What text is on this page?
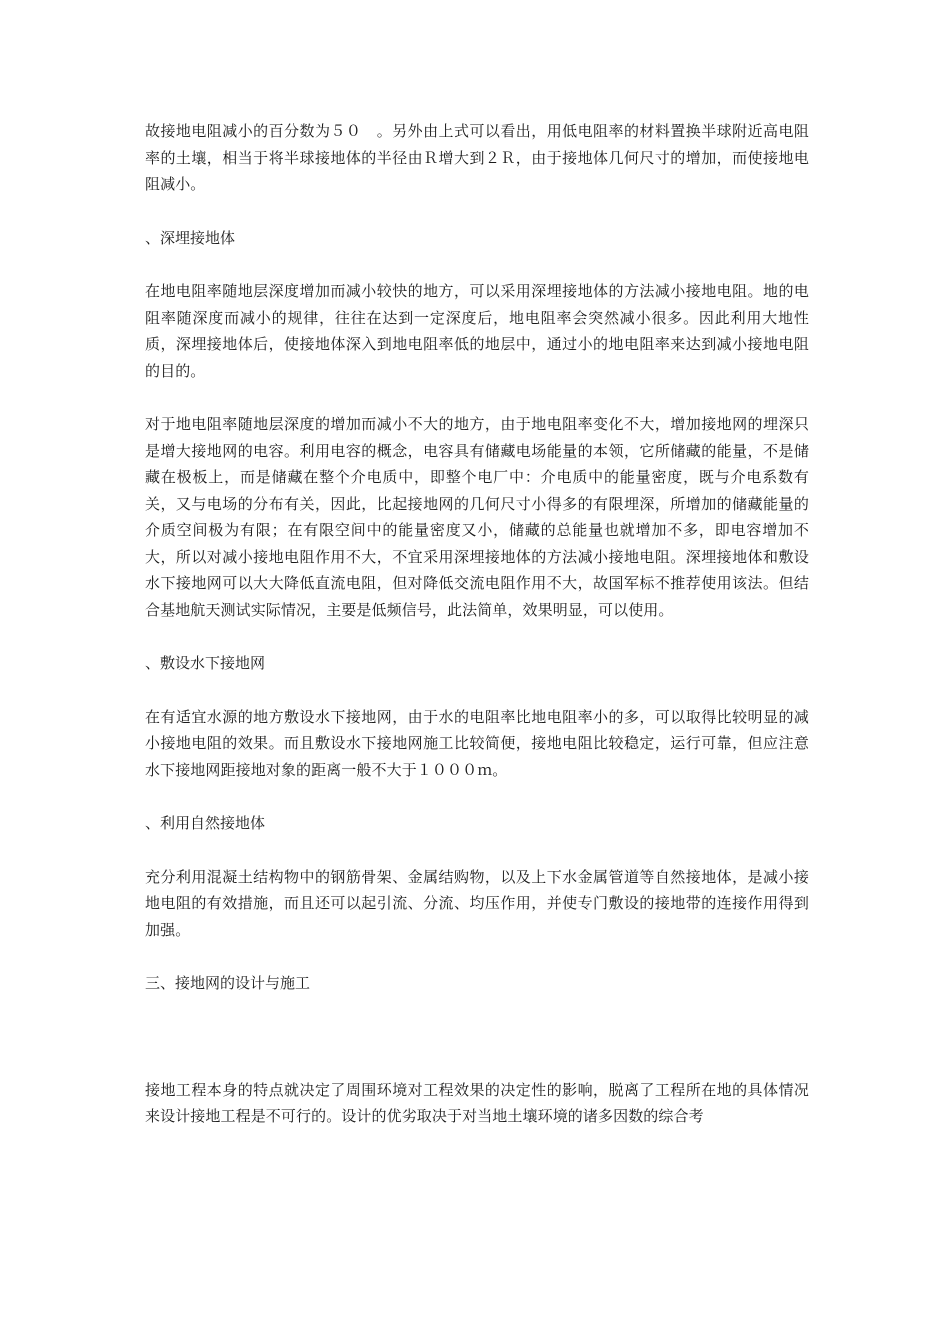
故接地电阻减小的百分数为５０　。另外由上式可以看出，用低电阻率的材料置换半球附近高电阻率的土壤，相当于将半球接地体的半径由Ｒ增大到２Ｒ，由于接地体几何尺寸的增加，而使接地电阻减小。

、深埋接地体

在地电阻率随地层深度增加而减小较快的地方，可以采用深埋接地体的方法减小接地电阻。地的电阻率随深度而减小的规律，往往在达到一定深度后，地电阻率会突然减小很多。因此利用大地性质，深埋接地体后，使接地体深入到地电阻率低的地层中，通过小的地电阻率来达到减小接地电阻的目的。

对于地电阻率随地层深度的增加而减小不大的地方，由于地电阻率变化不大，增加接地网的埋深只是增大接地网的电容。利用电容的概念，电容具有储藏电场能量的本领，它所储藏的能量，不是储藏在极板上，而是储藏在整个介电质中，即整个电厂中：介电质中的能量密度，既与介电系数有关，又与电场的分布有关，因此，比起接地网的几何尺寸小得多的有限埋深，所增加的储藏能量的介质空间极为有限；在有限空间中的能量密度又小，储藏的总能量也就增加不多，即电容增加不大，所以对减小接地电阻作用不大，不宜采用深埋接地体的方法减小接地电阻。深埋接地体和敷设水下接地网可以大大降低直流电阻，但对降低交流电阻作用不大，故国军标不推荐使用该法。但结合基地航天测试实际情况，主要是低频信号，此法简单，效果明显，可以使用。

、敷设水下接地网

在有适宜水源的地方敷设水下接地网，由于水的电阻率比地电阻率小的多，可以取得比较明显的减小接地电阻的效果。而且敷设水下接地网施工比较简便，接地电阻比较稳定，运行可靠，但应注意水下接地网距接地对象的距离一般不大于１０００ｍ。

、利用自然接地体

充分利用混凝土结构物中的钢筋骨架、金属结购物，以及上下水金属管道等自然接地体，是减小接地电阻的有效措施，而且还可以起引流、分流、均压作用，并使专门敷设的接地带的连接作用得到加强。

三、接地网的设计与施工

接地工程本身的特点就决定了周围环境对工程效果的决定性的影响，脱离了工程所在地的具体情况来设计接地工程是不可行的。设计的优劣取决于对当地土壤环境的诸多因数的综合考
